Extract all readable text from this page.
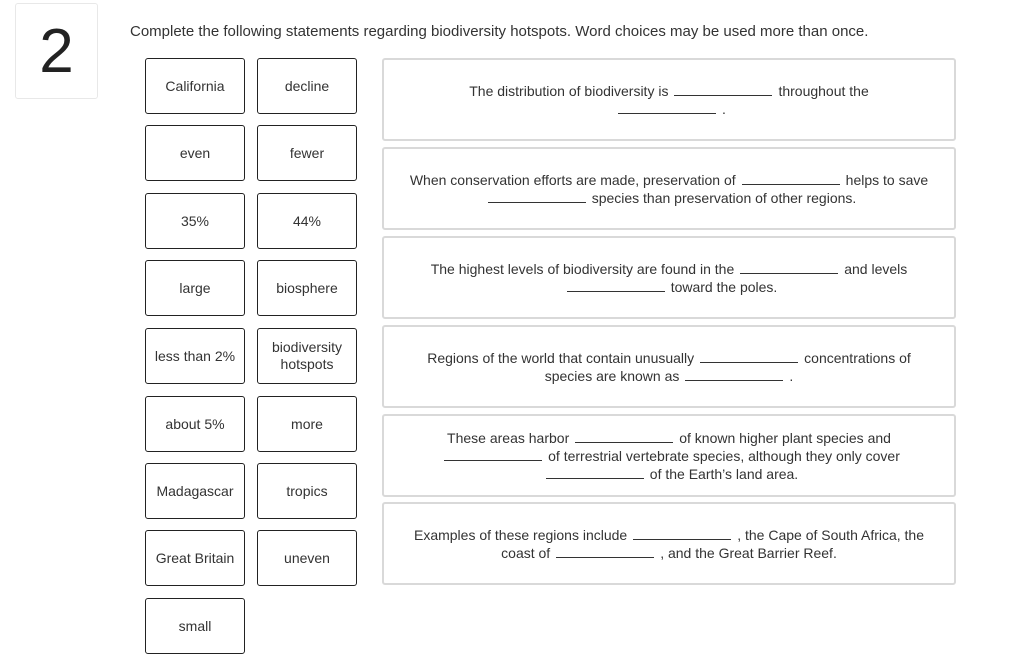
2	Complete the following statements regarding biodiversity hotspots. Word choices may be used more than once.
California	decline
even	fewer
35%	44%
large	biosphere
less than 2%
biodiversity hotspots
about 5%	more
Madagascar	tropics
Great Britain	uneven
small
The distribution of biodiversity is	throughout the
.
When conservation efforts are made, preservation of	helps to savespecies than preservation of other regions.
The highest levels of biodiversity are found in the	and levels
toward the poles.
Regions of the world that contain unusually	concentrations of species are known as	.
These areas harbor	of known higher plant species and
of terrestrial vertebrate species, although they only cover
of the Earth’s land area.
Examples of these regions include	, the Cape of South Africa, the coast of	, and the Great Barrier Reef.
